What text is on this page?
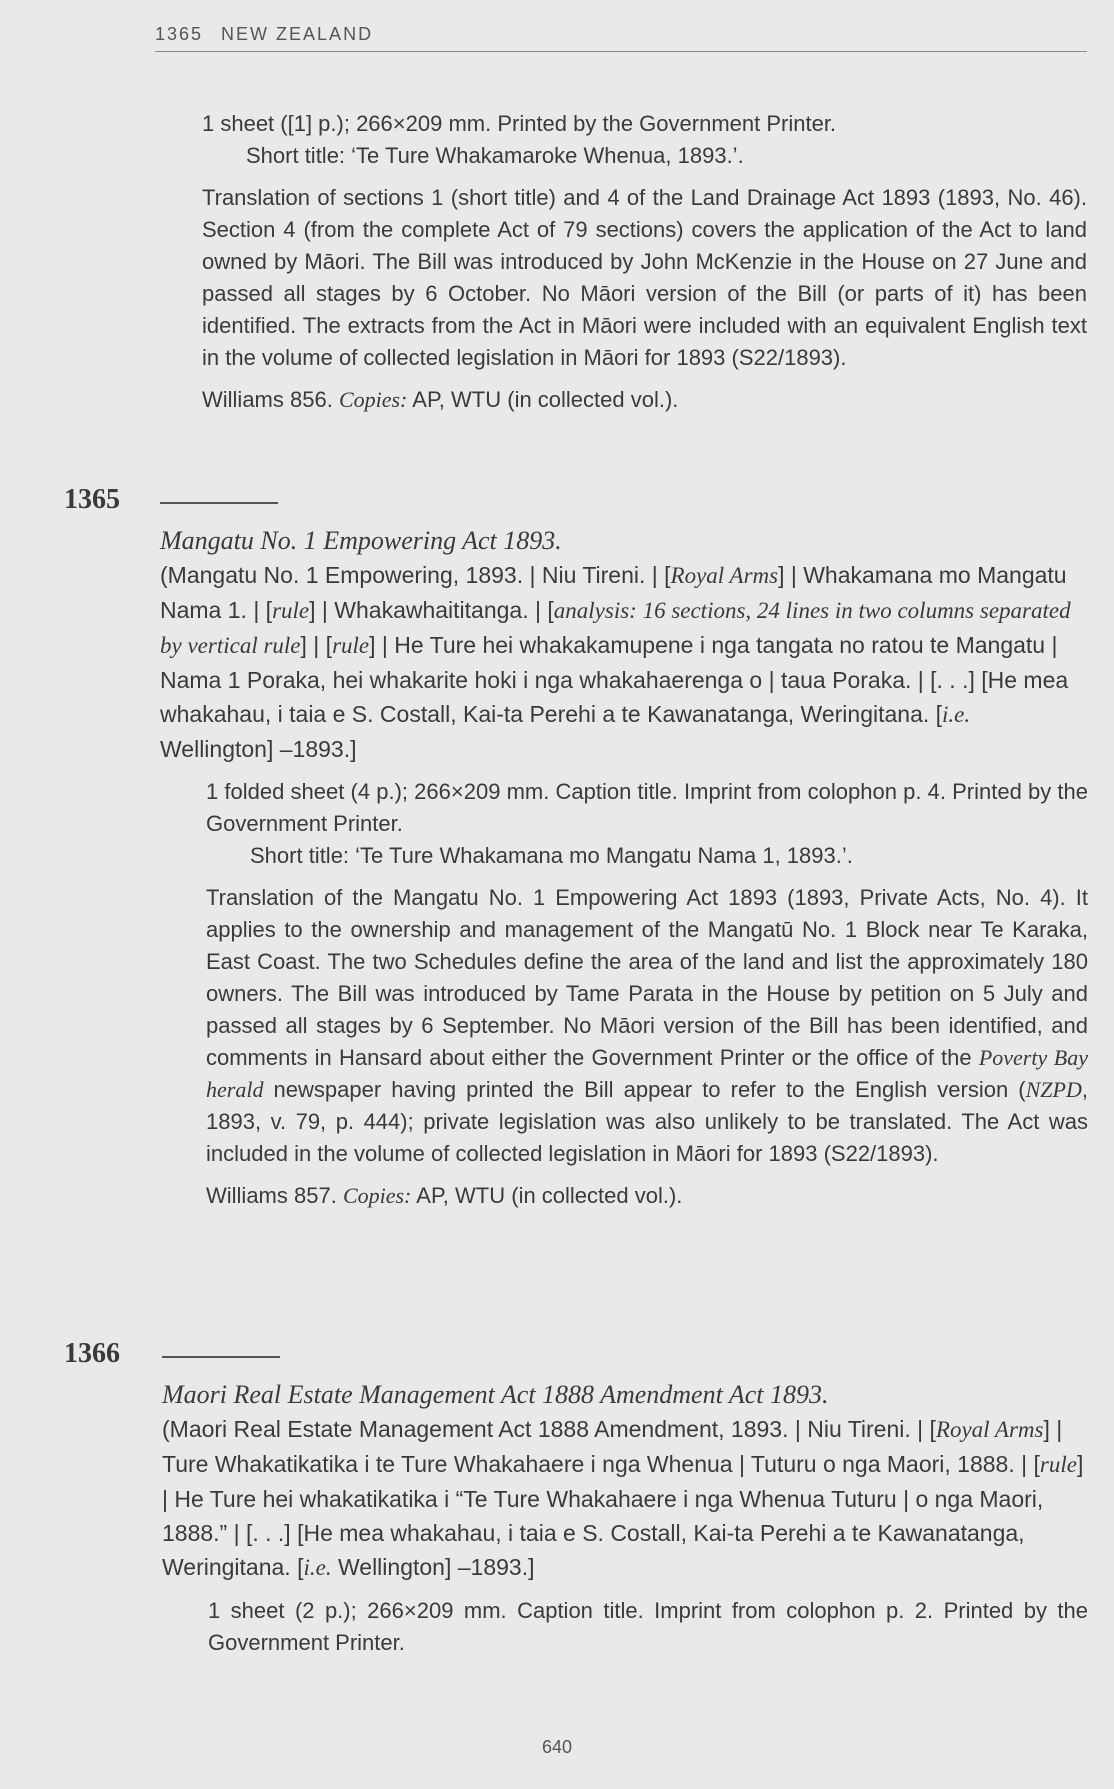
1365 NEW ZEALAND

1 sheet ([1] p.); 266×209 mm. Printed by the Government Printer.

Short title: ‘Te Ture Whakamaroke Whenua, 1893.’.

Translation of sections 1 (short title) and 4 of the Land Drainage Act 1893 (1893, No. 46). Section 4 (from the complete Act of 79 sections) covers the application of the Act to land owned by Māori. The Bill was introduced by John McKenzie in the House on 27 June and passed all stages by 6 October. No Māori version of the Bill (or parts of it) has been identified. The extracts from the Act in Māori were included with an equivalent English text in the volume of collected legislation in Māori for 1893 (S22/1893).

Williams 856. Copies: AP, WTU (in collected vol.).

1365

Mangatu No. 1 Empowering Act 1893.

(Mangatu No. 1 Empowering, 1893. | Niu Tireni. | [Royal Arms] | Whakamana mo Mangatu Nama 1. | [rule] | Whakawhaititanga. | [analysis: 16 sections, 24 lines in two columns separated by vertical rule] | [rule] | He Ture hei whakakamupene i nga tangata no ratou te Mangatu | Nama 1 Poraka, hei whakarite hoki i nga whakahaerenga o | taua Poraka. | [. . .] [He mea whakahau, i taia e S. Costall, Kai-ta Perehi a te Kawanatanga, Weringitana. [i.e. Wellington] –1893.]

1 folded sheet (4 p.); 266×209 mm. Caption title. Imprint from colophon p. 4. Printed by the Government Printer.

Short title: ‘Te Ture Whakamana mo Mangatu Nama 1, 1893.’.

Translation of the Mangatu No. 1 Empowering Act 1893 (1893, Private Acts, No. 4). It applies to the ownership and management of the Mangatū No. 1 Block near Te Karaka, East Coast. The two Schedules define the area of the land and list the approximately 180 owners. The Bill was introduced by Tame Parata in the House by petition on 5 July and passed all stages by 6 September. No Māori version of the Bill has been identified, and comments in Hansard about either the Government Printer or the office of the Poverty Bay herald newspaper having printed the Bill appear to refer to the English version (NZPD, 1893, v. 79, p. 444); private legislation was also unlikely to be translated. The Act was included in the volume of collected legislation in Māori for 1893 (S22/1893).

Williams 857. Copies: AP, WTU (in collected vol.).

1366

Maori Real Estate Management Act 1888 Amendment Act 1893.

(Maori Real Estate Management Act 1888 Amendment, 1893. | Niu Tireni. | [Royal Arms] | Ture Whakatikatika i te Ture Whakahaere i nga Whenua | Tuturu o nga Maori, 1888. | [rule] | He Ture hei whakatikatika i “Te Ture Whakahaere i nga Whenua Tuturu | o nga Maori, 1888.” | [. . .] [He mea whakahau, i taia e S. Costall, Kai-ta Perehi a te Kawanatanga, Weringitana. [i.e. Wellington] –1893.]

1 sheet (2 p.); 266×209 mm. Caption title. Imprint from colophon p. 2. Printed by the Government Printer.

640
